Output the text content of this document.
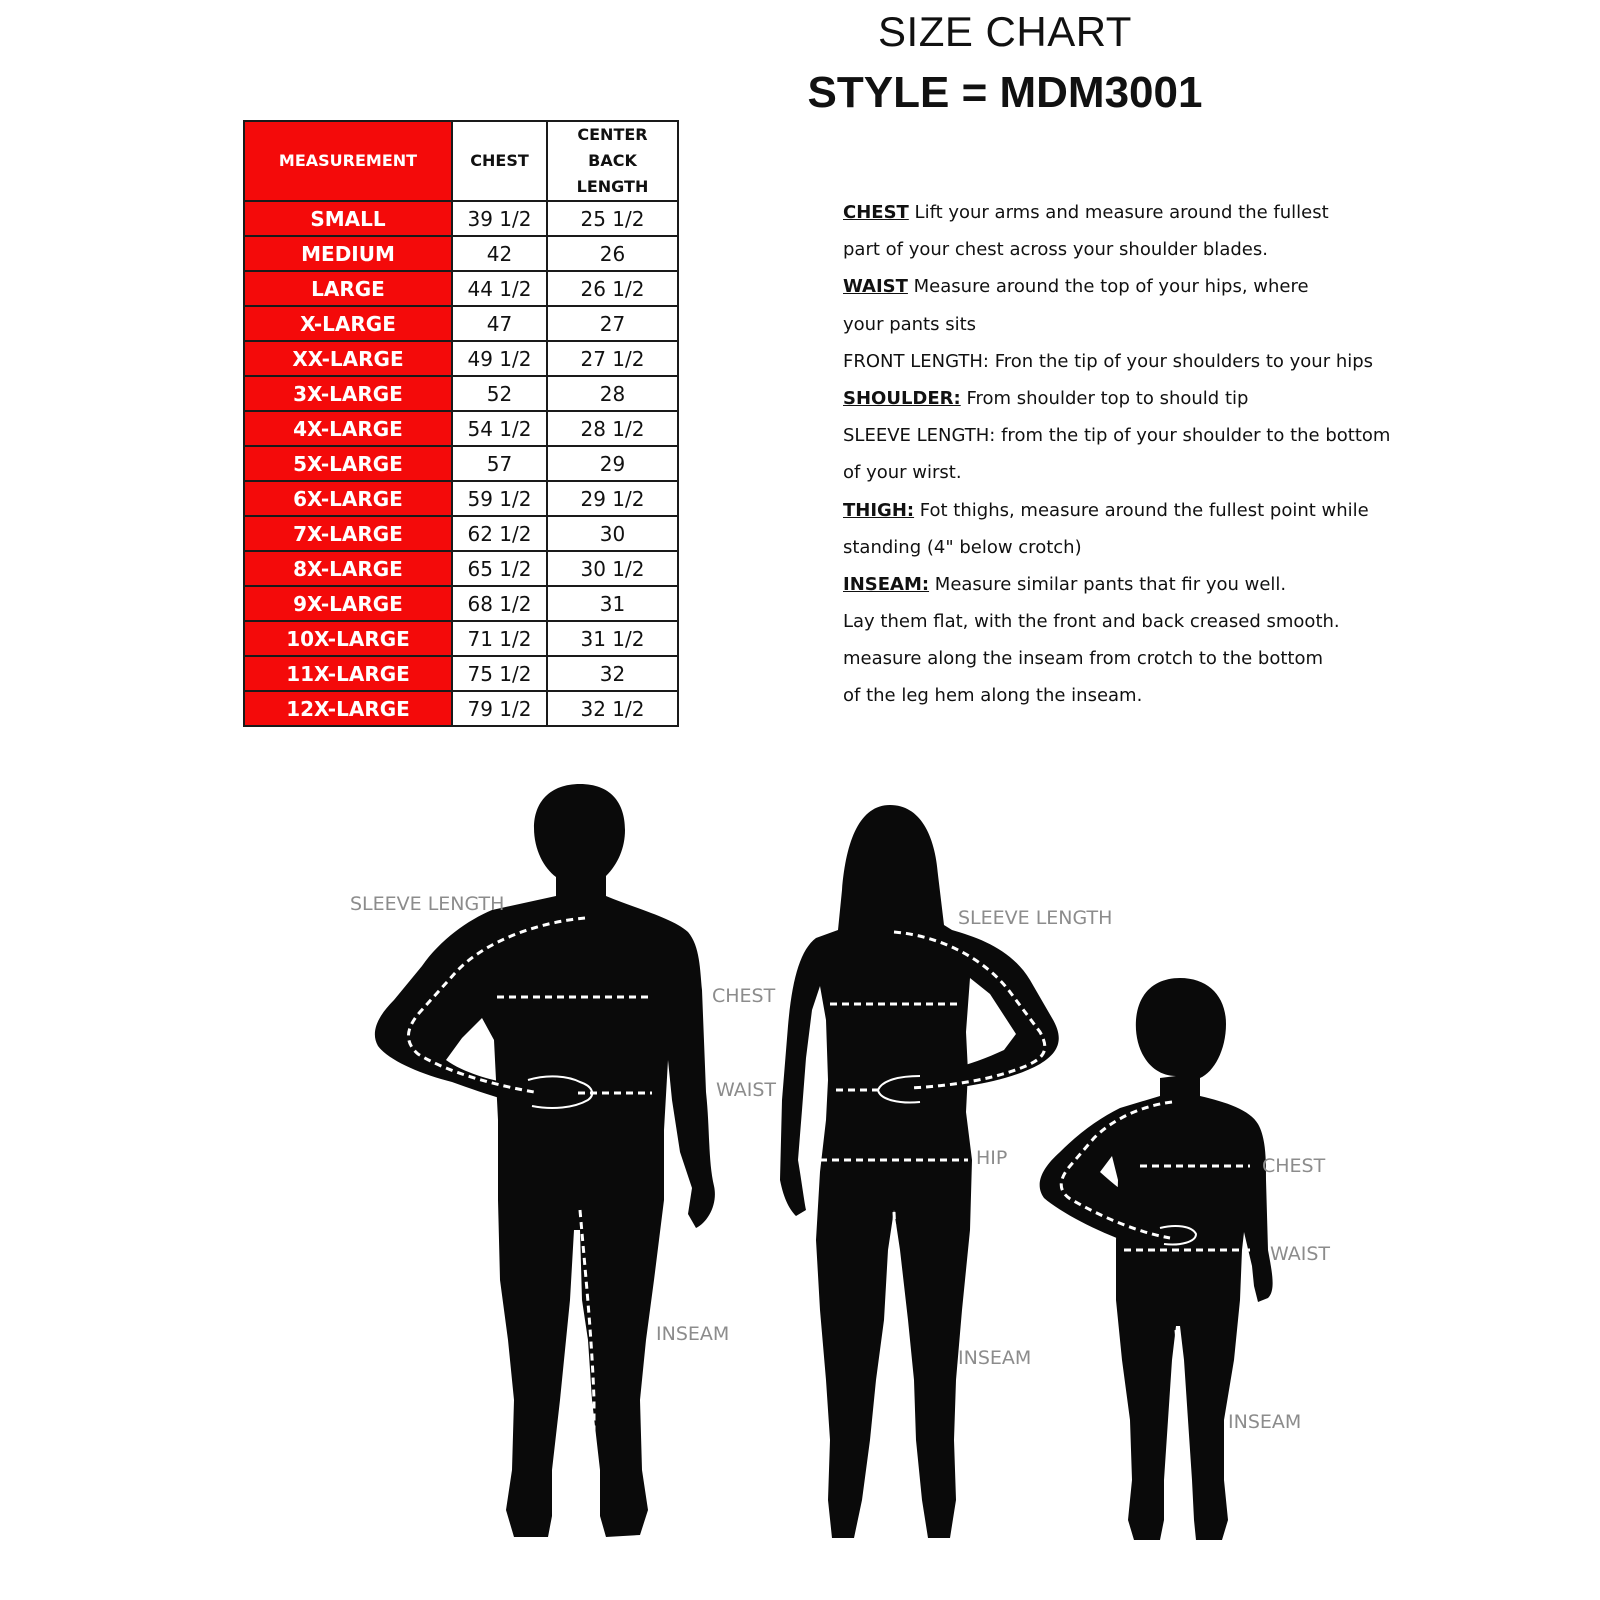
SIZE CHART
STYLE = MDM3001
MEASUREMENT	CHEST	CENTER BACK LENGTH
SMALL	39 1/2	25 1/2
MEDIUM	42	26
LARGE	44 1/2	26 1/2
X-LARGE	47	27
XX-LARGE	49 1/2	27 1/2
3X-LARGE	52	28
4X-LARGE	54 1/2	28 1/2
5X-LARGE	57	29
6X-LARGE	59 1/2	29 1/2
7X-LARGE	62 1/2	30
8X-LARGE	65 1/2	30 1/2
9X-LARGE	68 1/2	31
10X-LARGE	71 1/2	31 1/2
11X-LARGE	75 1/2	32
12X-LARGE	79 1/2	32 1/2
CHEST Lift your arms and measure around the fullest
part of your chest across your shoulder blades.
WAIST Measure around the top of your hips, where
your pants sits
FRONT LENGTH: Fron the tip of your shoulders to your hips
SHOULDER: From shoulder top to should tip
SLEEVE LENGTH: from the tip of your shoulder to the bottom
of your wirst.
THIGH: Fot thighs, measure around the fullest point while
standing (4" below crotch)
INSEAM: Measure similar pants that fir you well.
Lay them flat, with the front and back creased smooth.
measure along the inseam from crotch to the bottom
of the leg hem along the inseam.
SLEEVE LENGTH
CHEST
WAIST
INSEAM
SLEEVE LENGTH
HIP
INSEAM
CHEST
WAIST
INSEAM
